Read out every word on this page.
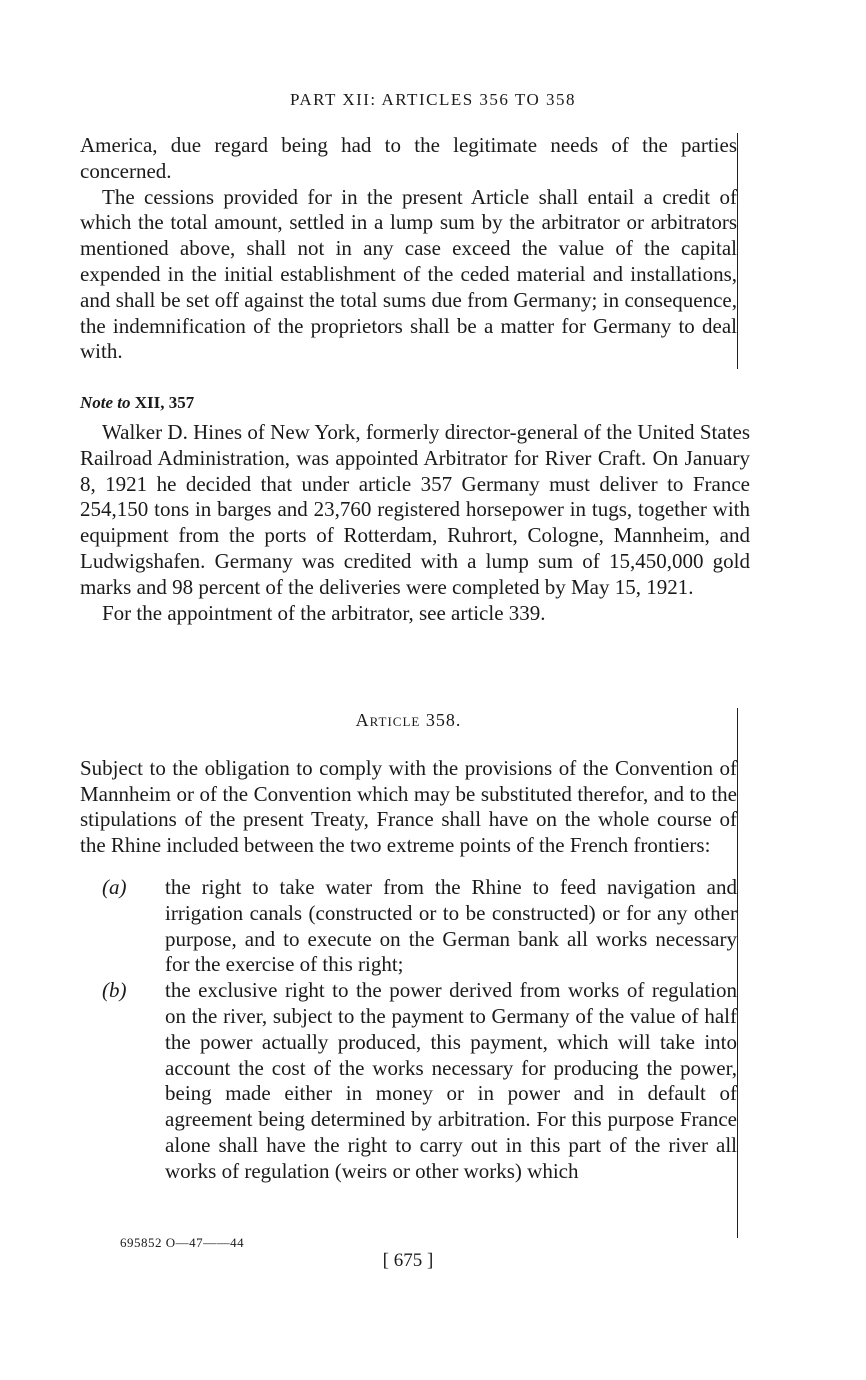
PART XII: ARTICLES 356 TO 358

America, due regard being had to the legitimate needs of the parties concerned.

The cessions provided for in the present Article shall entail a credit of which the total amount, settled in a lump sum by the arbitrator or arbitrators mentioned above, shall not in any case exceed the value of the capital expended in the initial establishment of the ceded material and installations, and shall be set off against the total sums due from Germany; in consequence, the indemnification of the proprietors shall be a matter for Germany to deal with.

Note to XII, 357

Walker D. Hines of New York, formerly director-general of the United States Railroad Administration, was appointed Arbitrator for River Craft. On January 8, 1921 he decided that under article 357 Germany must deliver to France 254,150 tons in barges and 23,760 registered horsepower in tugs, together with equipment from the ports of Rotterdam, Ruhrort, Cologne, Mannheim, and Ludwigshafen. Germany was credited with a lump sum of 15,450,000 gold marks and 98 percent of the deliveries were completed by May 15, 1921.

For the appointment of the arbitrator, see article 339.

Article 358.

Subject to the obligation to comply with the provisions of the Convention of Mannheim or of the Convention which may be substituted therefor, and to the stipulations of the present Treaty, France shall have on the whole course of the Rhine included between the two extreme points of the French frontiers:

(a)	the right to take water from the Rhine to feed navigation and irrigation canals (constructed or to be constructed) or for any other purpose, and to execute on the German bank all works necessary for the exercise of this right;
(b)	the exclusive right to the power derived from works of regulation on the river, subject to the payment to Germany of the value of half the power actually produced, this payment, which will take into account the cost of the works necessary for producing the power, being made either in money or in power and in default of agreement being determined by arbitration. For this purpose France alone shall have the right to carry out in this part of the river all works of regulation (weirs or other works) which
695852 O—47——44
[ 675 ]
